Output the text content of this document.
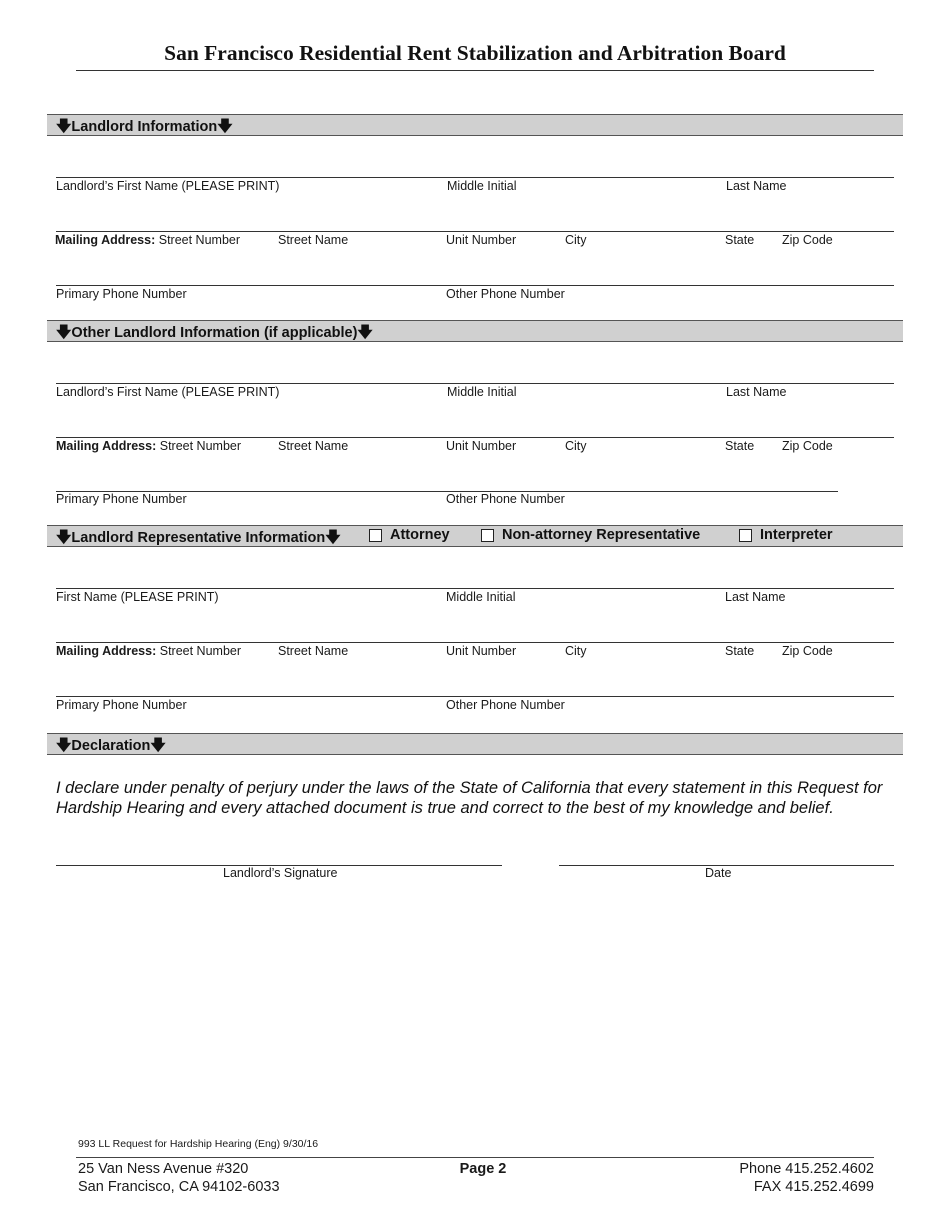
San Francisco Residential Rent Stabilization and Arbitration Board
🡇Landlord Information🡇
Landlord’s First Name (PLEASE PRINT)	Middle Initial	Last Name
Mailing Address: Street Number	Street Name	Unit Number	City	State Zip Code
Primary Phone Number	Other Phone Number
🡇Other Landlord Information (if applicable)🡇
Landlord’s First Name (PLEASE PRINT)	Middle Initial	Last Name
Mailing Address: Street Number	Street Name	Unit Number	City	State Zip Code
Primary Phone Number	Other Phone Number
🡇Landlord Representative Information🡇	Attorney	Non-attorney Representative	Interpreter
First Name (PLEASE PRINT)	Middle Initial	Last Name
Mailing Address: Street Number	Street Name	Unit Number	City	State Zip Code
Primary Phone Number	Other Phone Number
🡇Declaration🡇
I declare under penalty of perjury under the laws of the State of California that every statement in this Request for Hardship Hearing and every attached document is true and correct to the best of my knowledge and belief.
Landlord’s Signature	Date
993 LL Request for Hardship Hearing (Eng) 9/30/16
25 Van Ness Avenue #320
San Francisco, CA 94102-6033
Page 2	Phone 415.252.4602
FAX 415.252.4699
